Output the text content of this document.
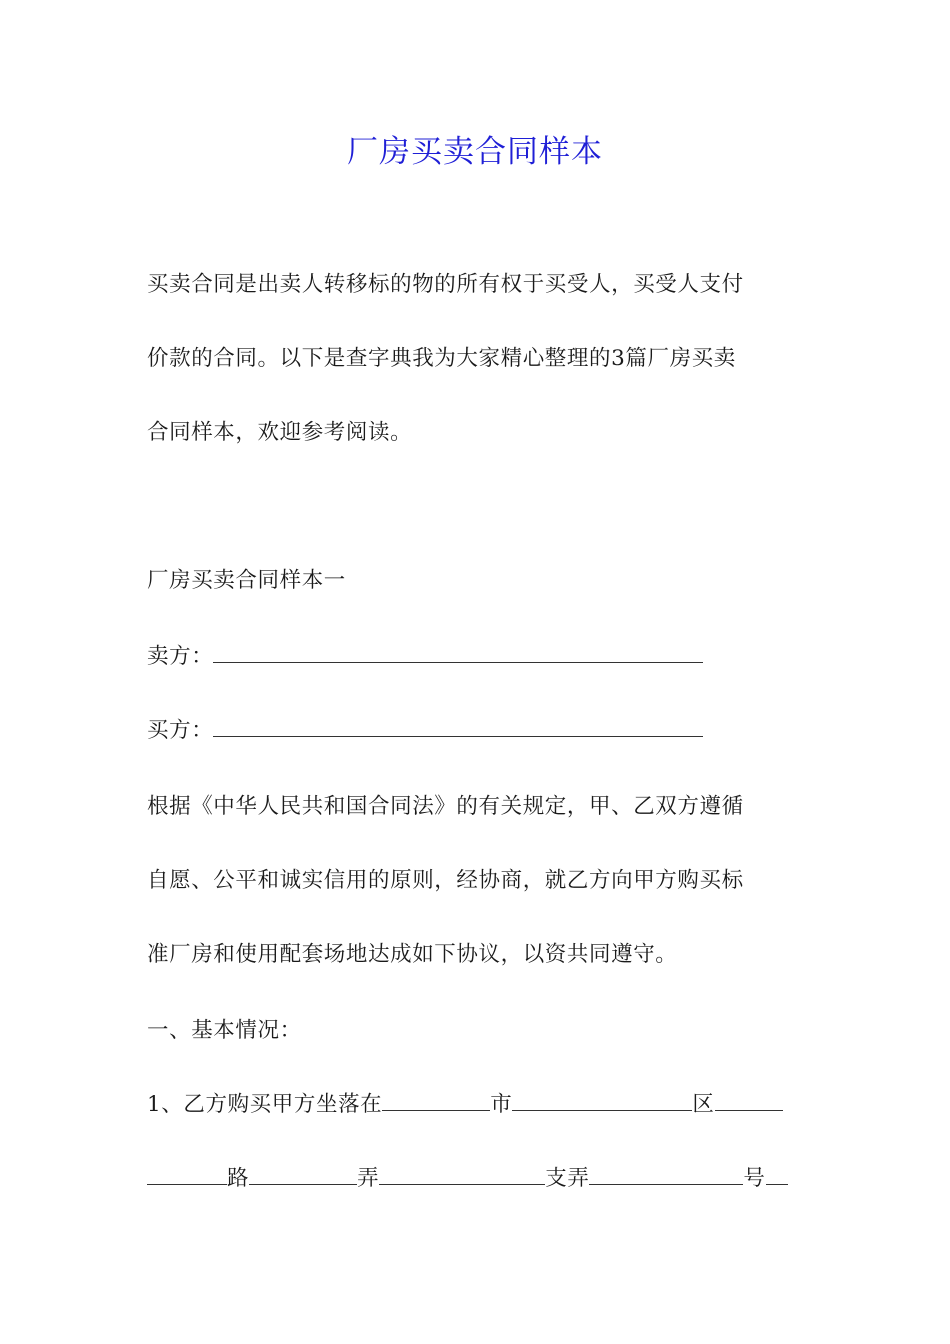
厂房买卖合同样本

买卖合同是出卖人转移标的物的所有权于买受人，买受人支付

价款的合同。以下是查字典我为大家精心整理的3篇厂房买卖

合同样本，欢迎参考阅读。

厂房买卖合同样本一

卖方：

买方：

根据《中华人民共和国合同法》的有关规定，甲、乙双方遵循

自愿、公平和诚实信用的原则，经协商，就乙方向甲方购买标

准厂房和使用配套场地达成如下协议，以资共同遵守。

一、基本情况：

1、乙方购买甲方坐落在	市	区

路	弄	支弄	号
